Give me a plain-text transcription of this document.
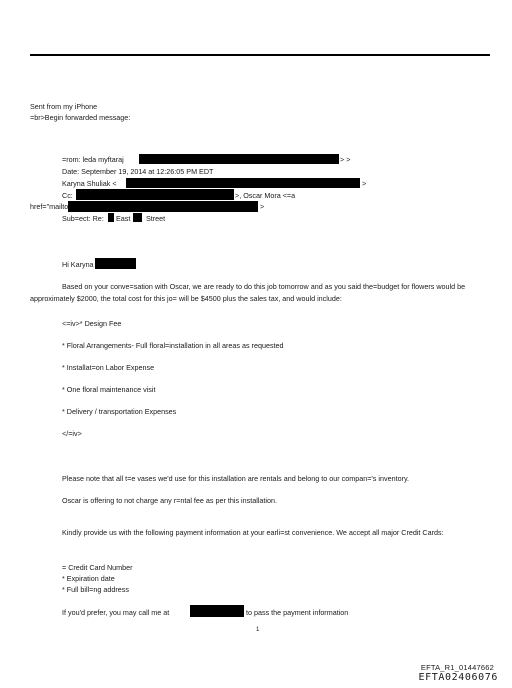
Sent from my iPhone
=br>Begin forwarded message:
=rom: leda myftaraj	> >
Date: September 19, 2014 at 12:26:05 PM EDT
Karyna Shuliak <	>
Cc:	>, Oscar Mora <=a
href="mailto	>
Sub=ect: Re: East Street
Hi Karyna
Based on your conve=sation with Oscar, we are ready to do this job tomorrow and as you said the=budget for flowers would be approximately $2000, the total cost for this jo= will be $4500 plus the sales tax, and would include:
<=iv>* Design Fee
* Floral Arrangements- Full floral=installation in all areas as requested
* Installat=on Labor Expense
* One floral maintenance visit
* Delivery / transportation Expenses
</=iv>
Please note that all t=e vases we'd use for this installation are rentals and belong to our compan='s inventory.
Oscar is offering to not charge any r=ntal fee as per this installation.
Kindly provide us with the following payment information at your earli=st convenience. We accept all major Credit Cards:
= Credit Card Number
* Expiration date
* Full bill=ng address
If you'd prefer, you may call me at	to pass the payment information
1
EFTA_R1_01447662
EFTA02406076
